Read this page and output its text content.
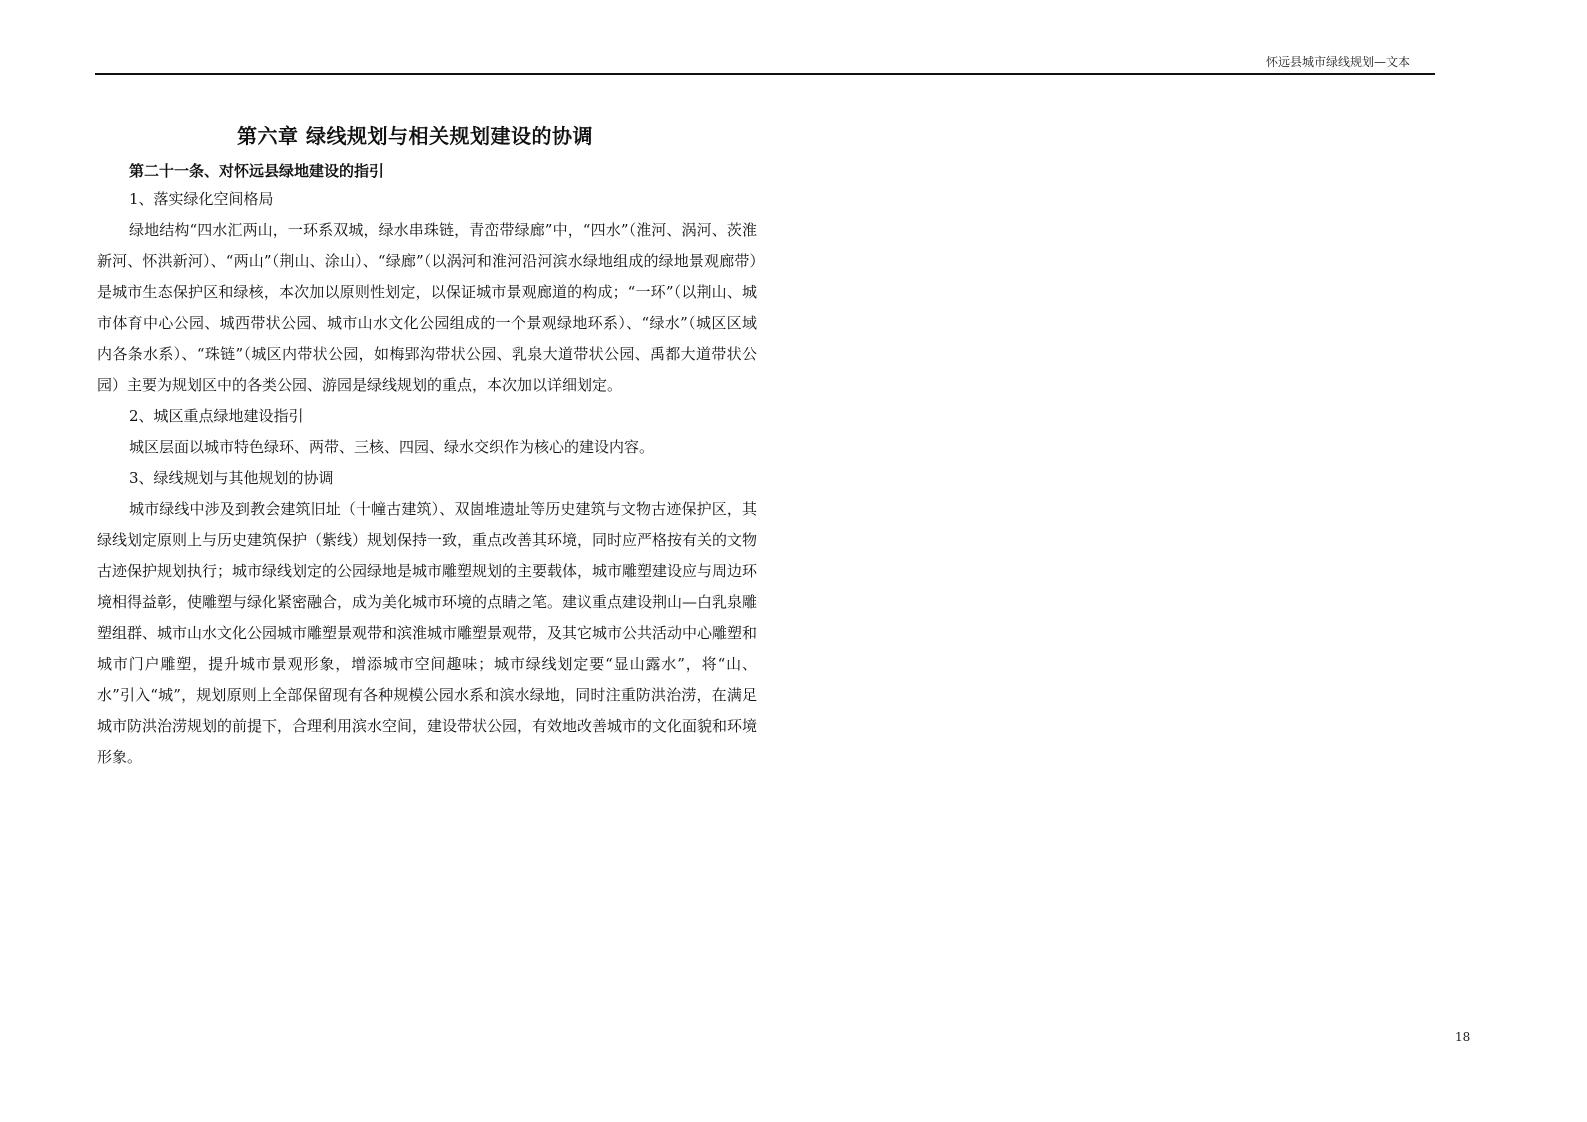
怀远县城市绿线规划—文本
第六章 绿线规划与相关规划建设的协调
第二十一条、对怀远县绿地建设的指引
1、落实绿化空间格局

绿地结构“四水汇两山，一环系双城，绿水串珠链，青峦带绿廊”中，“四水”（淮河、涡河、茨淮新河、怀洪新河）、“两山”（荆山、涂山）、“绿廊”（以涡河和淮河沿河滨水绿地组成的绿地景观廊带）是城市生态保护区和绿核，本次加以原则性划定，以保证城市景观廊道的构成；“一环”（以荆山、城市体育中心公园、城西带状公园、城市山水文化公园组成的一个景观绿地环系）、“绿水”（城区区域内各条水系）、“珠链”（城区内带状公园，如梅郢沟带状公园、乳泉大道带状公园、禹都大道带状公园）主要为规划区中的各类公园、游园是绿线规划的重点，本次加以详细划定。

2、城区重点绿地建设指引

城区层面以城市特色绿环、两带、三核、四园、绿水交织作为核心的建设内容。

3、绿线规划与其他规划的协调

城市绿线中涉及到教会建筑旧址（十幢古建筑）、双崮堆遗址等历史建筑与文物古迹保护区，其绿线划定原则上与历史建筑保护（紫线）规划保持一致，重点改善其环境，同时应严格按有关的文物古迹保护规划执行；城市绿线划定的公园绿地是城市雕塑规划的主要载体，城市雕塑建设应与周边环境相得益彰，使雕塑与绿化紧密融合，成为美化城市环境的点睛之笔。建议重点建设荆山—白乳泉雕塑组群、城市山水文化公园城市雕塑景观带和滨淮城市雕塑景观带，及其它城市公共活动中心雕塑和城市门户雕塑，提升城市景观形象，增添城市空间趣味；城市绿线划定要“显山露水”，将“山、水”引入“城”，规划原则上全部保留现有各种规模公园水系和滨水绿地，同时注重防洪治涝，在满足城市防洪治涝规划的前提下，合理利用滨水空间，建设带状公园，有效地改善城市的文化面貌和环境形象。

18
